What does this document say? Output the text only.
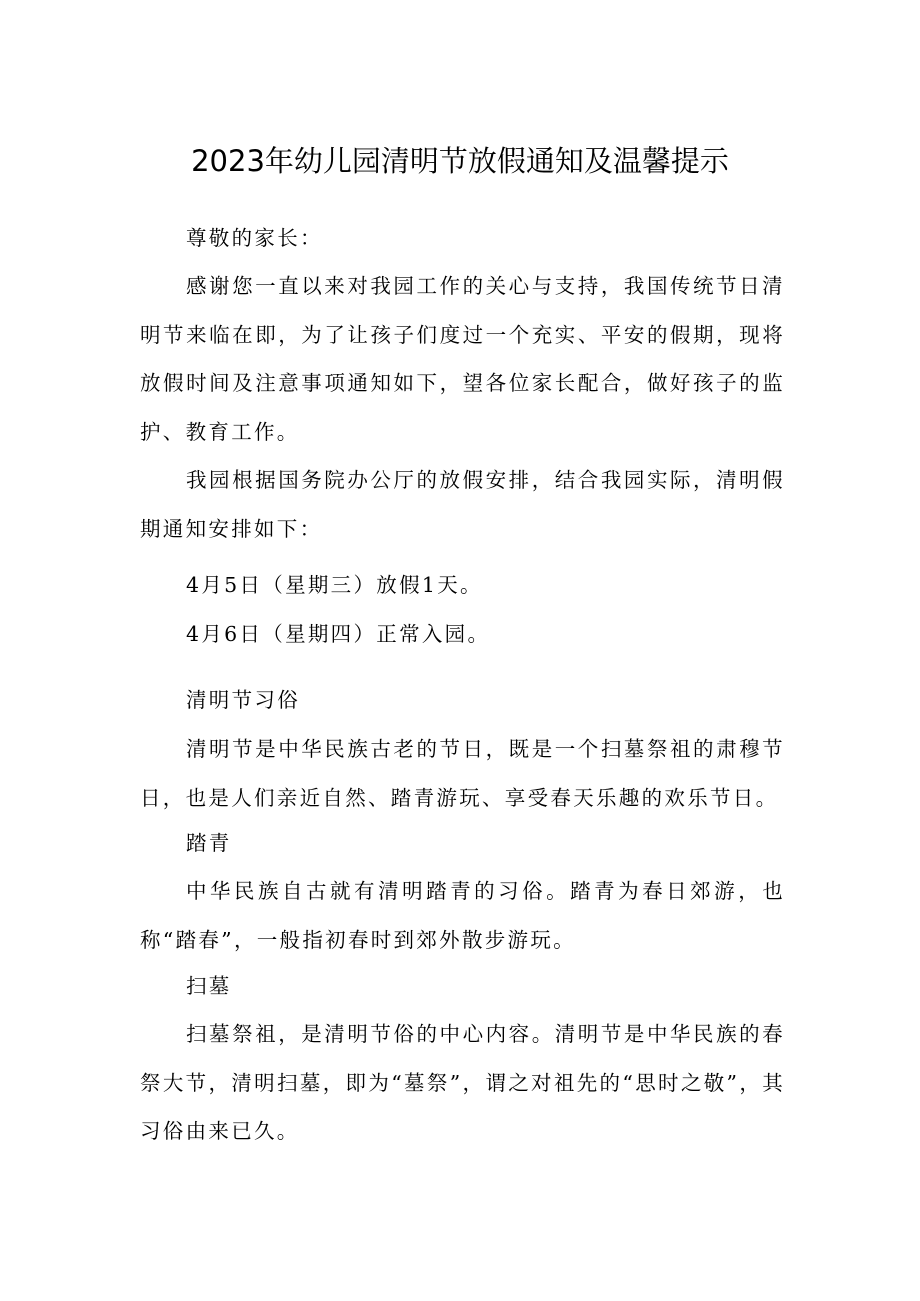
2023年幼儿园清明节放假通知及温馨提示

尊敬的家长：

感谢您一直以来对我园工作的关心与支持，我国传统节日清明节来临在即，为了让孩子们度过一个充实、平安的假期，现将放假时间及注意事项通知如下，望各位家长配合，做好孩子的监护、教育工作。

我园根据国务院办公厅的放假安排，结合我园实际，清明假期通知安排如下：

4月5日（星期三）放假1天。

4月6日（星期四）正常入园。

清明节习俗

清明节是中华民族古老的节日，既是一个扫墓祭祖的肃穆节日，也是人们亲近自然、踏青游玩、享受春天乐趣的欢乐节日。

踏青

中华民族自古就有清明踏青的习俗。踏青为春日郊游，也称“踏春”，一般指初春时到郊外散步游玩。

扫墓

扫墓祭祖，是清明节俗的中心内容。清明节是中华民族的春祭大节，清明扫墓，即为“墓祭”，谓之对祖先的“思时之敬”，其习俗由来已久。
